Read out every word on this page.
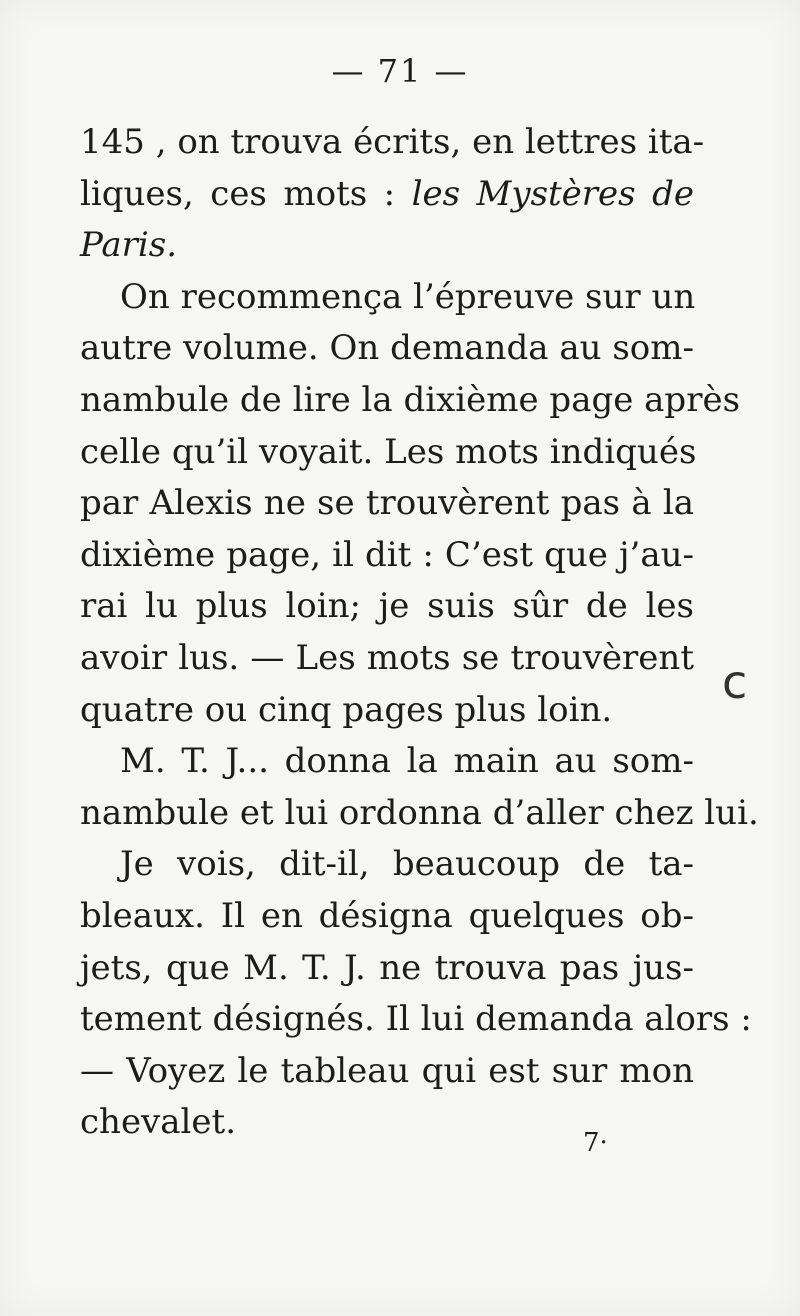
— 71 —
145 , on trouva écrits, en lettres ita-
liques, ces mots : les Mystères de
Paris.
On recommença l’épreuve sur un
autre volume. On demanda au som-
nambule de lire la dixième page après
celle qu’il voyait. Les mots indiqués
par Alexis ne se trouvèrent pas à la
dixième page, il dit : C’est que j’au-
rai lu plus loin; je suis sûr de les
avoir lus. — Les mots se trouvèrent
quatre ou cinq pages plus loin.
M. T. J... donna la main au som-
nambule et lui ordonna d’aller chez lui.
Je vois, dit-il, beaucoup de ta-
bleaux. Il en désigna quelques ob-
jets, que M. T. J. ne trouva pas jus-
tement désignés. Il lui demanda alors :
— Voyez le tableau qui est sur mon
chevalet.
c
7·
